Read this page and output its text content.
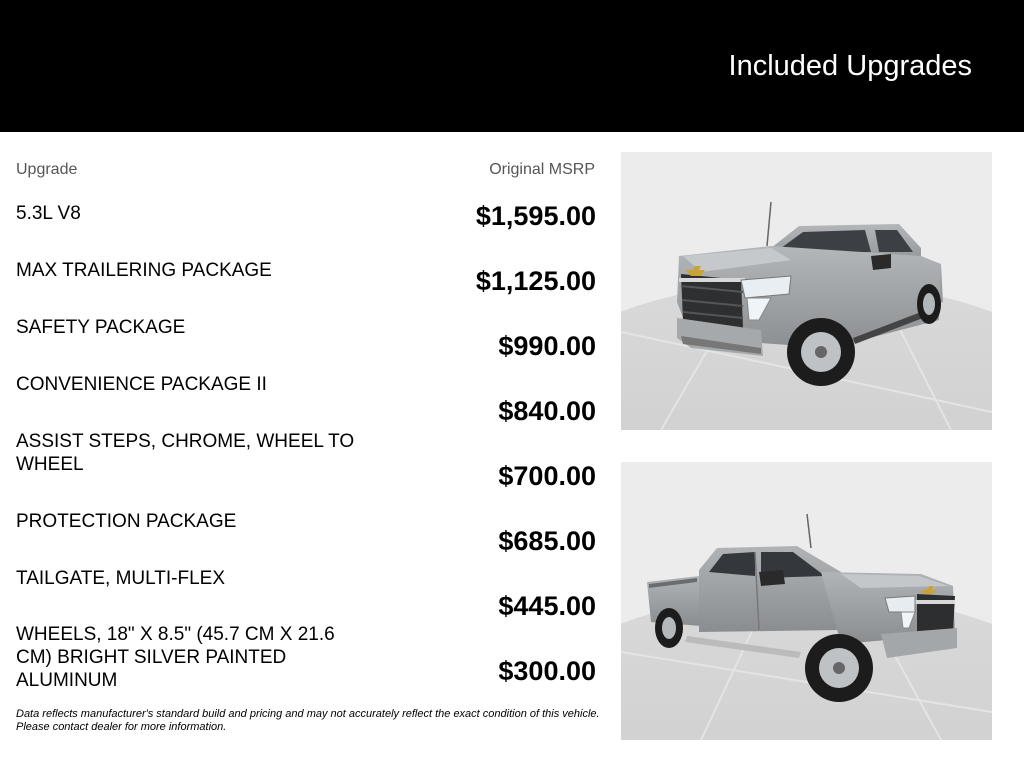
Included Upgrades
Upgrade	Original MSRP
5.3L V8
MAX TRAILERING PACKAGE
SAFETY PACKAGE
CONVENIENCE PACKAGE II
ASSIST STEPS, CHROME, WHEEL TO WHEEL
PROTECTION PACKAGE
TAILGATE, MULTI-FLEX
WHEELS, 18" X 8.5" (45.7 CM X 21.6 CM) BRIGHT SILVER PAINTED ALUMINUM
$1,595.00
$1,125.00
$990.00
$840.00
$700.00
$685.00
$445.00
$300.00
Data reflects manufacturer's standard build and pricing and may not accurately reflect the exact condition of this vehicle. Please contact dealer for more information.
